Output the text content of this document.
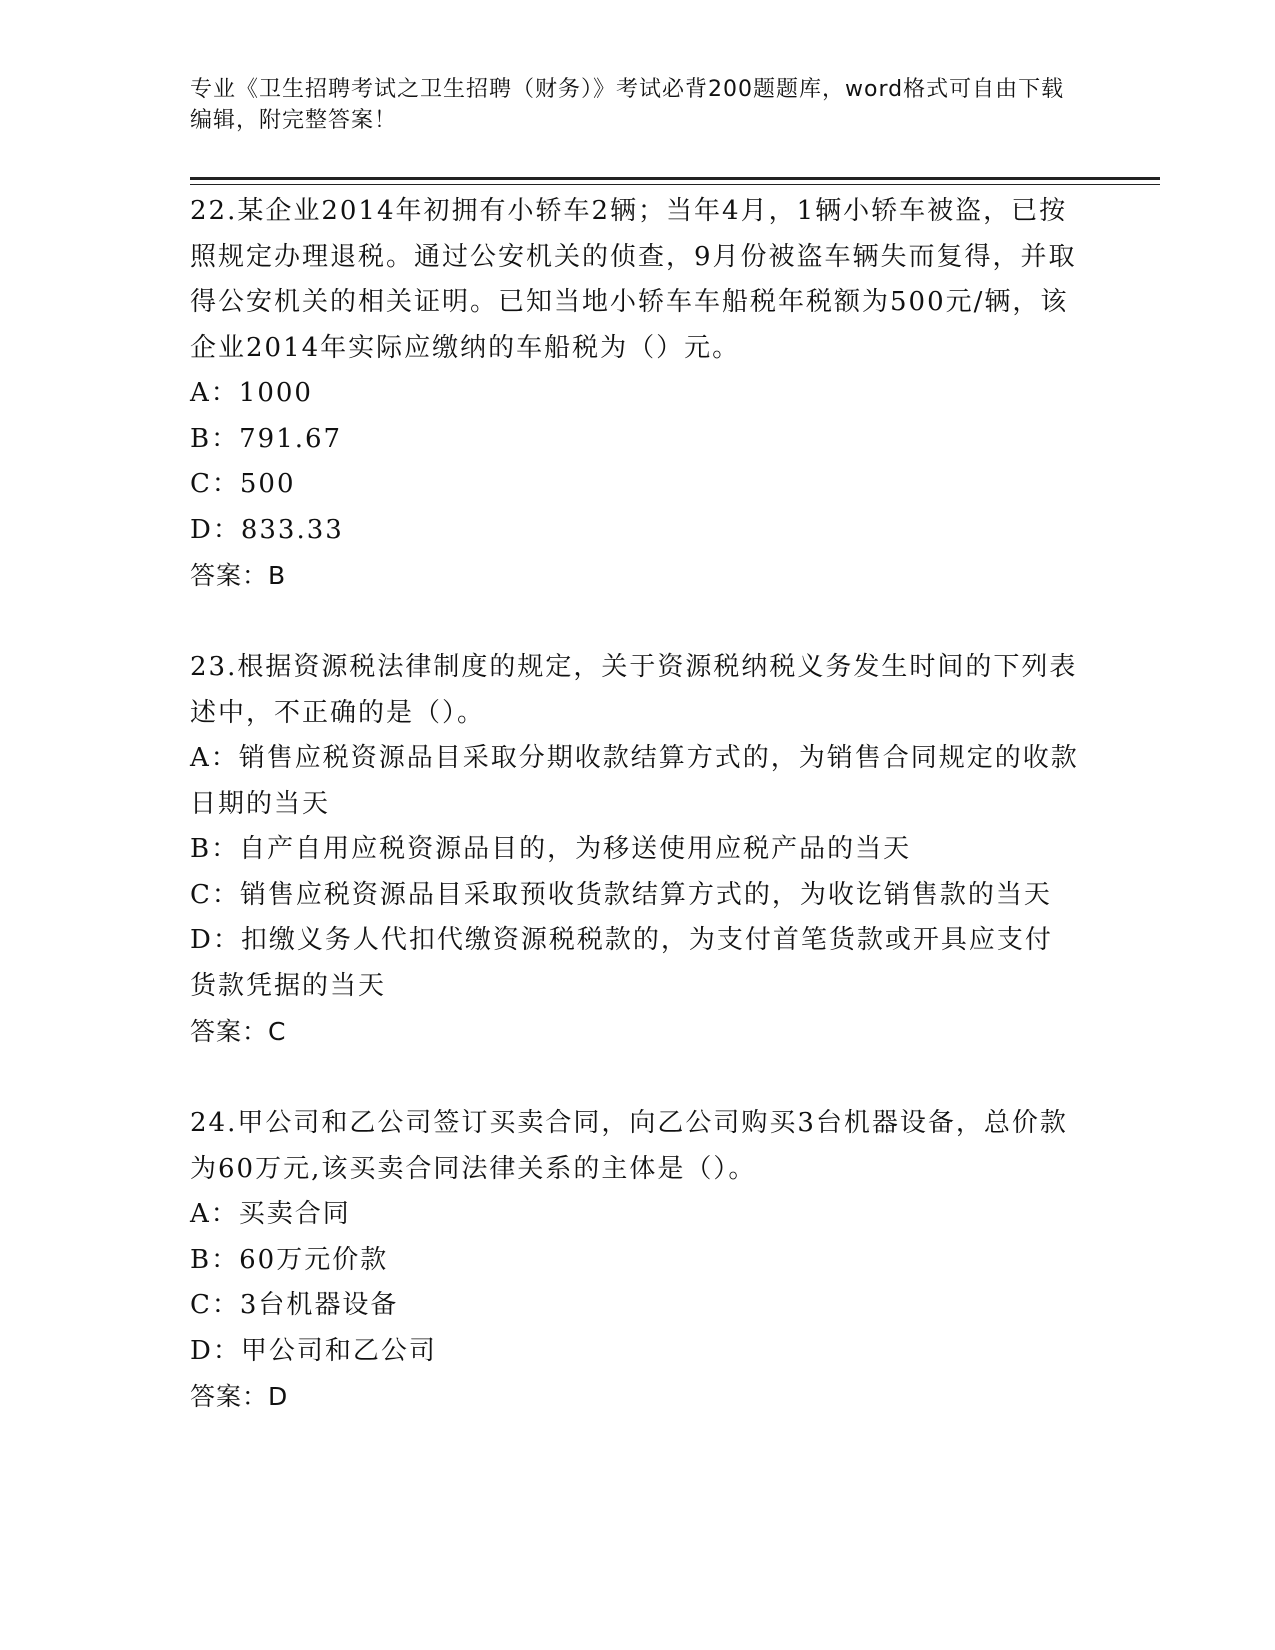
专业《卫生招聘考试之卫生招聘（财务）》考试必背200题题库，word格式可自由下载编辑，附完整答案！

22.某企业2014年初拥有小轿车2辆；当年4月，1辆小轿车被盗，已按照规定办理退税。通过公安机关的侦查，9月份被盗车辆失而复得，并取得公安机关的相关证明。已知当地小轿车车船税年税额为500元/辆，该企业2014年实际应缴纳的车船税为（）元。

A：1000

B：791.67

C：500

D：833.33

答案：B

23.根据资源税法律制度的规定，关于资源税纳税义务发生时间的下列表述中，不正确的是（）。

A：销售应税资源品目采取分期收款结算方式的，为销售合同规定的收款日期的当天

B：自产自用应税资源品目的，为移送使用应税产品的当天

C：销售应税资源品目采取预收货款结算方式的，为收讫销售款的当天

D：扣缴义务人代扣代缴资源税税款的，为支付首笔货款或开具应支付货款凭据的当天

答案：C

24.甲公司和乙公司签订买卖合同，向乙公司购买3台机器设备，总价款为60万元,该买卖合同法律关系的主体是（）。

A：买卖合同

B：60万元价款

C：3台机器设备

D：甲公司和乙公司

答案：D
